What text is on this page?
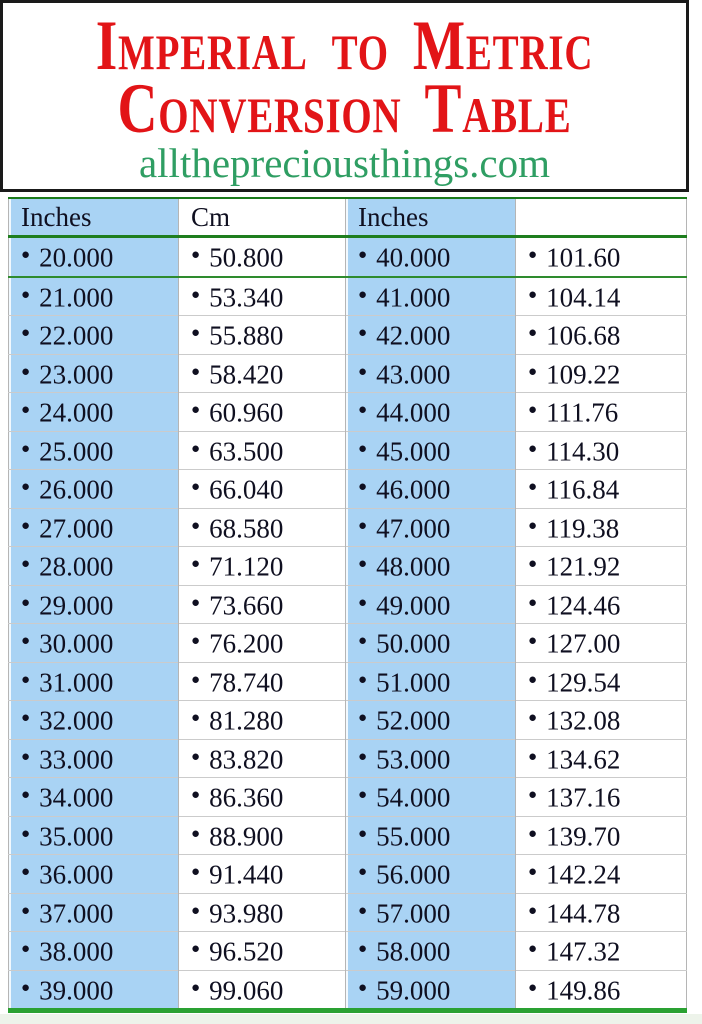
Imperial to Metric
Conversion Table
allthepreciousthings.com
Inches	Cm	Inches	
● 20.000	● 50.800	● 40.000	● 101.60
● 21.000	● 53.340	● 41.000	● 104.14
● 22.000	● 55.880	● 42.000	● 106.68
● 23.000	● 58.420	● 43.000	● 109.22
● 24.000	● 60.960	● 44.000	● 111.76
● 25.000	● 63.500	● 45.000	● 114.30
● 26.000	● 66.040	● 46.000	● 116.84
● 27.000	● 68.580	● 47.000	● 119.38
● 28.000	● 71.120	● 48.000	● 121.92
● 29.000	● 73.660	● 49.000	● 124.46
● 30.000	● 76.200	● 50.000	● 127.00
● 31.000	● 78.740	● 51.000	● 129.54
● 32.000	● 81.280	● 52.000	● 132.08
● 33.000	● 83.820	● 53.000	● 134.62
● 34.000	● 86.360	● 54.000	● 137.16
● 35.000	● 88.900	● 55.000	● 139.70
● 36.000	● 91.440	● 56.000	● 142.24
● 37.000	● 93.980	● 57.000	● 144.78
● 38.000	● 96.520	● 58.000	● 147.32
● 39.000	● 99.060	● 59.000	● 149.86
